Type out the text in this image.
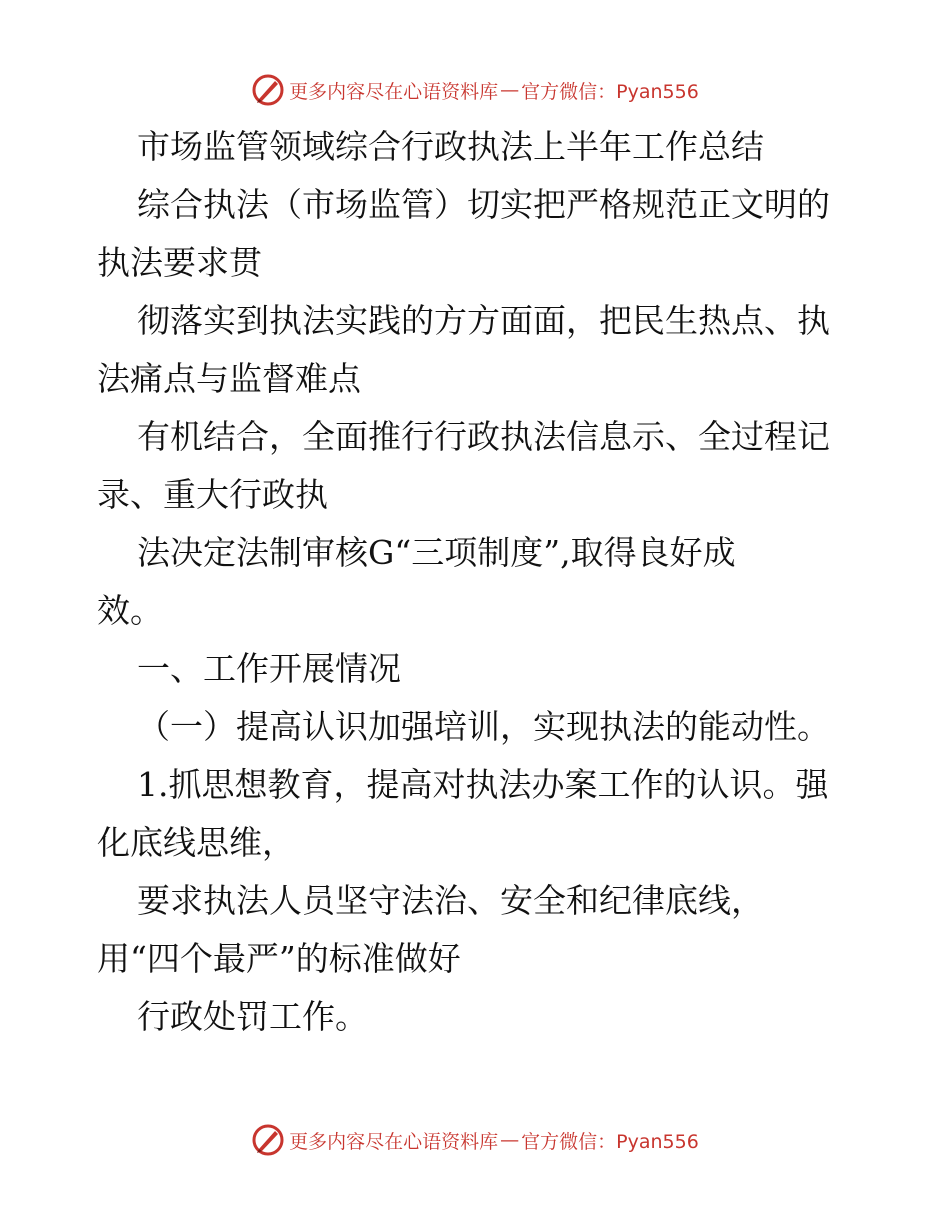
更多内容尽在心语资料库 — 官方微信：Pyan556
市场监管领域综合行政执法上半年工作总结
综合执法（市场监管）切实把严格规范正文明的
执法要求贯
彻落实到执法实践的方方面面，把民生热点、执
法痛点与监督难点
有机结合，全面推行行政执法信息示、全过程记
录、重大行政执
法决定法制审核G“三项制度”,取得良好成
效。
一、工作开展情况
（一）提高认识加强培训，实现执法的能动性。
1.抓思想教育，提高对执法办案工作的认识。强
化底线思维，
要求执法人员坚守法治、安全和纪律底线，
用“四个最严”的标准做好
行政处罚工作。
更多内容尽在心语资料库 — 官方微信：Pyan556
